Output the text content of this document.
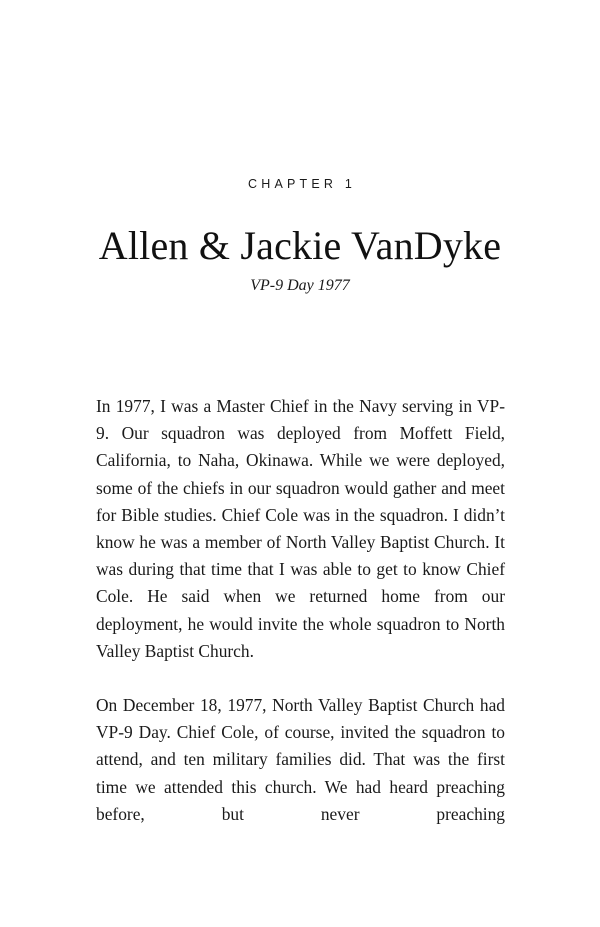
CHAPTER 1
Allen & Jackie VanDyke
VP-9 Day 1977

In 1977, I was a Master Chief in the Navy serving in VP-9. Our squadron was deployed from Moffett Field, California, to Naha, Okinawa. While we were deployed, some of the chiefs in our squadron would gather and meet for Bible studies. Chief Cole was in the squadron. I didn’t know he was a member of North Valley Baptist Church. It was during that time that I was able to get to know Chief Cole. He said when we returned home from our deployment, he would invite the whole squadron to North Valley Baptist Church.

On December 18, 1977, North Valley Baptist Church had VP-9 Day. Chief Cole, of course, invited the squadron to attend, and ten military families did. That was the first time we attended this church. We had heard preaching before, but never preaching
